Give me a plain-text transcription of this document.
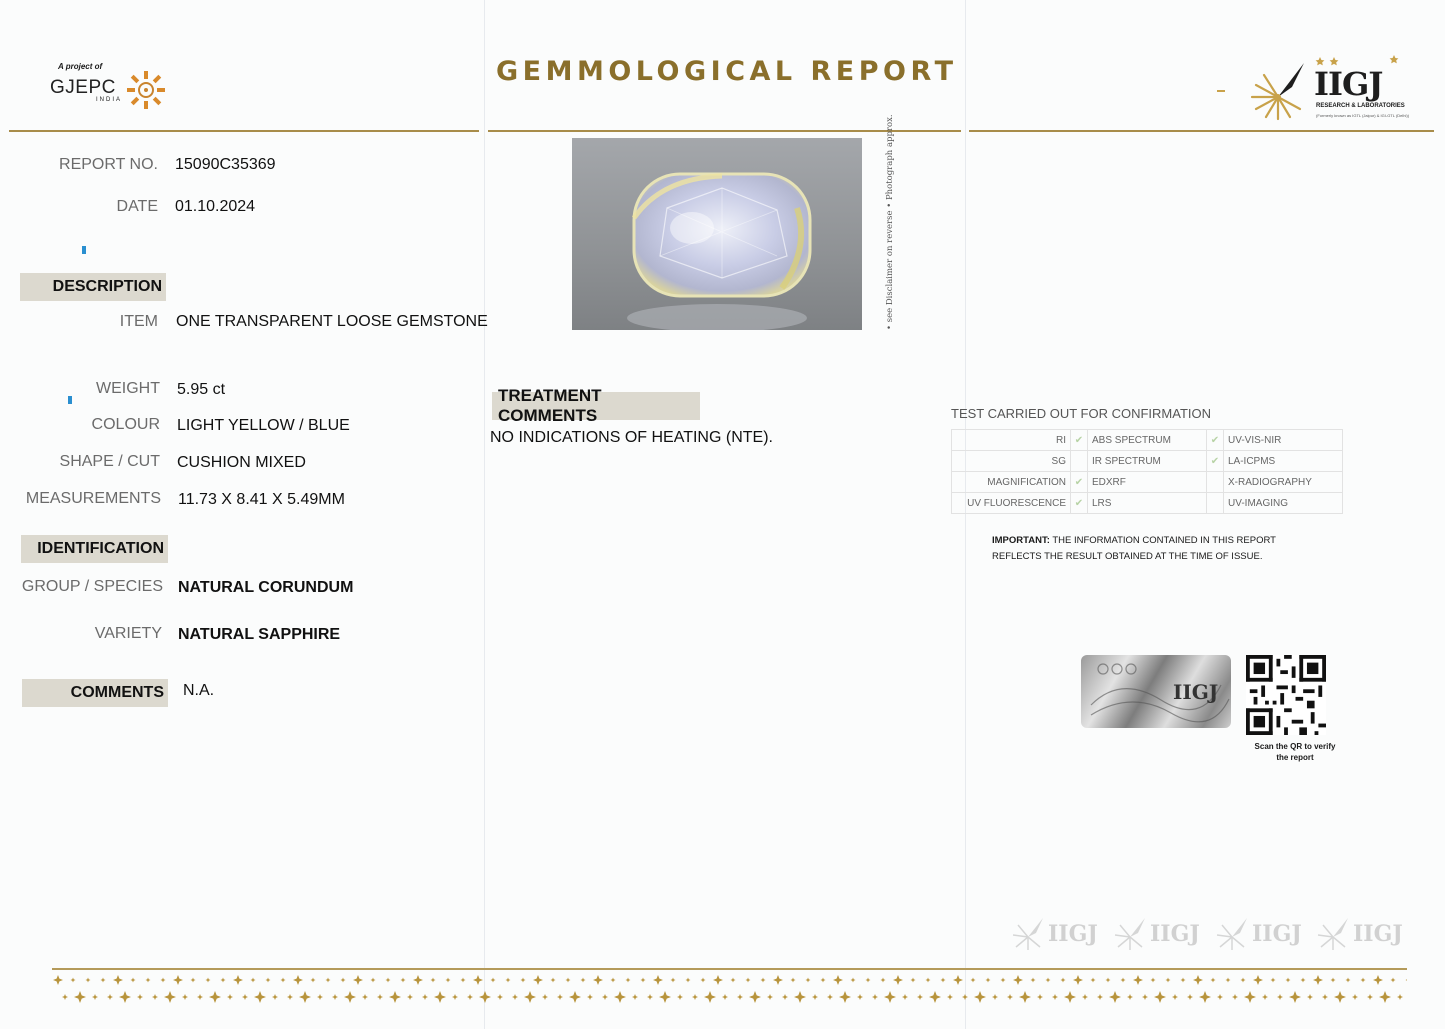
A project of
GJEPC
INDIA
GEMMOLOGICAL REPORT	IIGJ
RESEARCH & LABORATORIES
(Formerly known as IGTL (Jaipur) & IGI-GTL (Delhi))
REPORT NO. 15090C35369
DATE 01.10.2024
DESCRIPTION
ITEM ONE TRANSPARENT LOOSE GEMSTONE
WEIGHT 5.95 ct
COLOUR LIGHT YELLOW / BLUE
SHAPE / CUT CUSHION MIXED
MEASUREMENTS 11.73 X 8.41 X 5.49MM
IDENTIFICATION
GROUP / SPECIES NATURAL CORUNDUM
VARIETY NATURAL SAPPHIRE
COMMENTS N.A.
• see Disclaimer on reverse • Photograph approx.
TREATMENT COMMENTS
NO INDICATIONS OF HEATING (NTE).
TEST CARRIED OUT FOR CONFIRMATION
RI	✔	ABS SPECTRUM	✔	UV-VIS-NIR
SG		IR SPECTRUM	✔	LA-ICPMS
MAGNIFICATION	✔	EDXRF		X-RADIOGRAPHY
UV FLUORESCENCE	✔	LRS		UV-IMAGING
IMPORTANT: THE INFORMATION CONTAINED IN THIS REPORT REFLECTS THE RESULT OBTAINED AT THE TIME OF ISSUE.
IIGJ
Scan the QR to verify the report
IIGJ IIGJ IIGJ IIGJ
